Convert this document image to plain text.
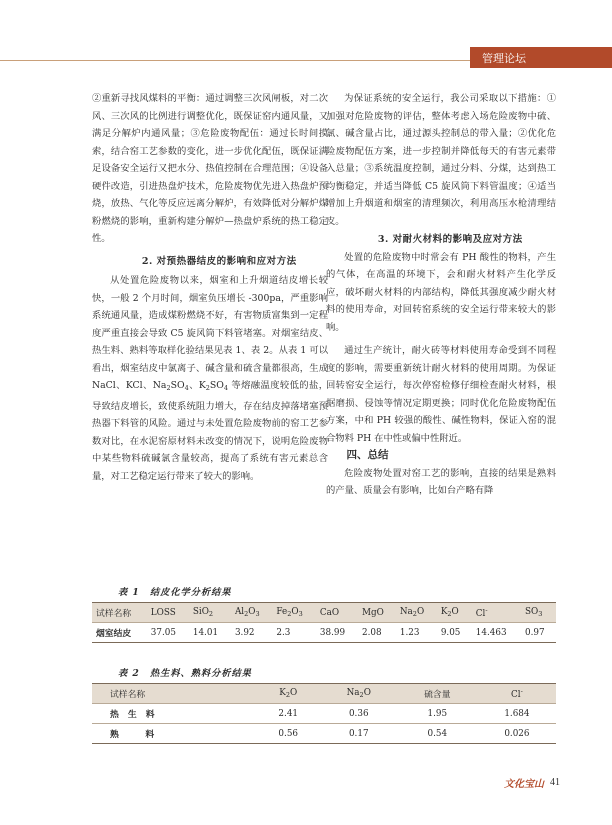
管理论坛

②重新寻找风煤料的平衡：通过调整三次风闸板，对二次风、三次风的比例进行调整优化，既保证窑内通风量，又满足分解炉内通风量；③危险废物配伍：通过长时间摸索，结合窑工艺参数的变化，进一步优化配伍，既保证满足设备安全运行又把水分、热值控制在合理范围；④设备硬件改造，引进热盘炉技术，危险废物优先进入热盘炉预烧，放热、气化等反应远离分解炉，有效降低对分解炉煤粉燃烧的影响，重新构建分解炉—热盘炉系统的热工稳定性。

2. 对预热器结皮的影响和应对方法

从处置危险废物以来，烟室和上升烟道结皮增长较快，一般 2 个月时间，烟室负压增长 -300pa，严重影响系统通风量，造成煤粉燃烧不好，有害物质富集到一定程度严重直接会导致 C5 旋风筒下料管堵塞。对烟室结皮、热生料、熟料等取样化验结果见表 1、表 2。从表 1 可以看出，烟室结皮中氯离子、碱含量和硫含量都很高，生成 NaCl、KCl、$Na_2SO_4$、$K_2SO_4$ 等熔融温度较低的盐，导致结皮增长，致使系统阻力增大，存在结皮掉落堵塞预热器下料管的风险。通过与未处置危险废物前的窑工艺参数对比，在水泥窑原材料未改变的情况下，说明危险废物中某些物料硫碱氯含量较高，提高了系统有害元素总含量，对工艺稳定运行带来了较大的影响。

为保证系统的安全运行，我公司采取以下措施：①加强对危险废物的评估，整体考虑入场危险废物中硫、氯、碱含量占比，通过源头控制总的带入量；②优化危险废物配伍方案，进一步控制并降低每天的有害元素带入总量；③系统温度控制，通过分料、分煤，达到热工均衡稳定，并适当降低 C5 旋风筒下料管温度；④适当增加上升烟道和烟室的清理频次，利用高压水枪清理结皮。

3. 对耐火材料的影响及应对方法

处置的危险废物中时常会有 PH 酸性的物料，产生的气体，在高温的环境下，会和耐火材料产生化学反应，破坏耐火材料的内部结构，降低其强度减少耐火材料的使用寿命，对回转窑系统的安全运行带来较大的影响。

通过生产统计，耐火砖等材料使用寿命受到不同程度的影响，需要重新统计耐火材料的使用周期。为保证回转窑安全运行，每次停窑检修仔细检查耐火材料，根据磨损、侵蚀等情况定期更换；同时优化危险废物配伍方案，中和 PH 较强的酸性、碱性物料，保证入窑的混合物料 PH 在中性或偏中性附近。

四、总结

危险废物处置对窑工艺的影响，直接的结果是熟料的产量、质量会有影响，比如台产略有降

表 1　结皮化学分析结果
试样名称	LOSS	SiO$_2$	$Al_2O_3$	$Fe_2O_3$	CaO	MgO	$Na_2O$	$K_2O$	Cl-	$SO_3$
烟室结皮	37.05	14.01	3.92	2.3	38.99	2.08	1.23	9.05	14.463	0.97
表 2　热生料、熟料分析结果
试样名称	$K_2O$	$Na_2O$	硫含量	Cl-
热 生 料	2.41	0.36	1.95	1.684
熟　　料	0.56	0.17	0.54	0.026
文化宝山 41
